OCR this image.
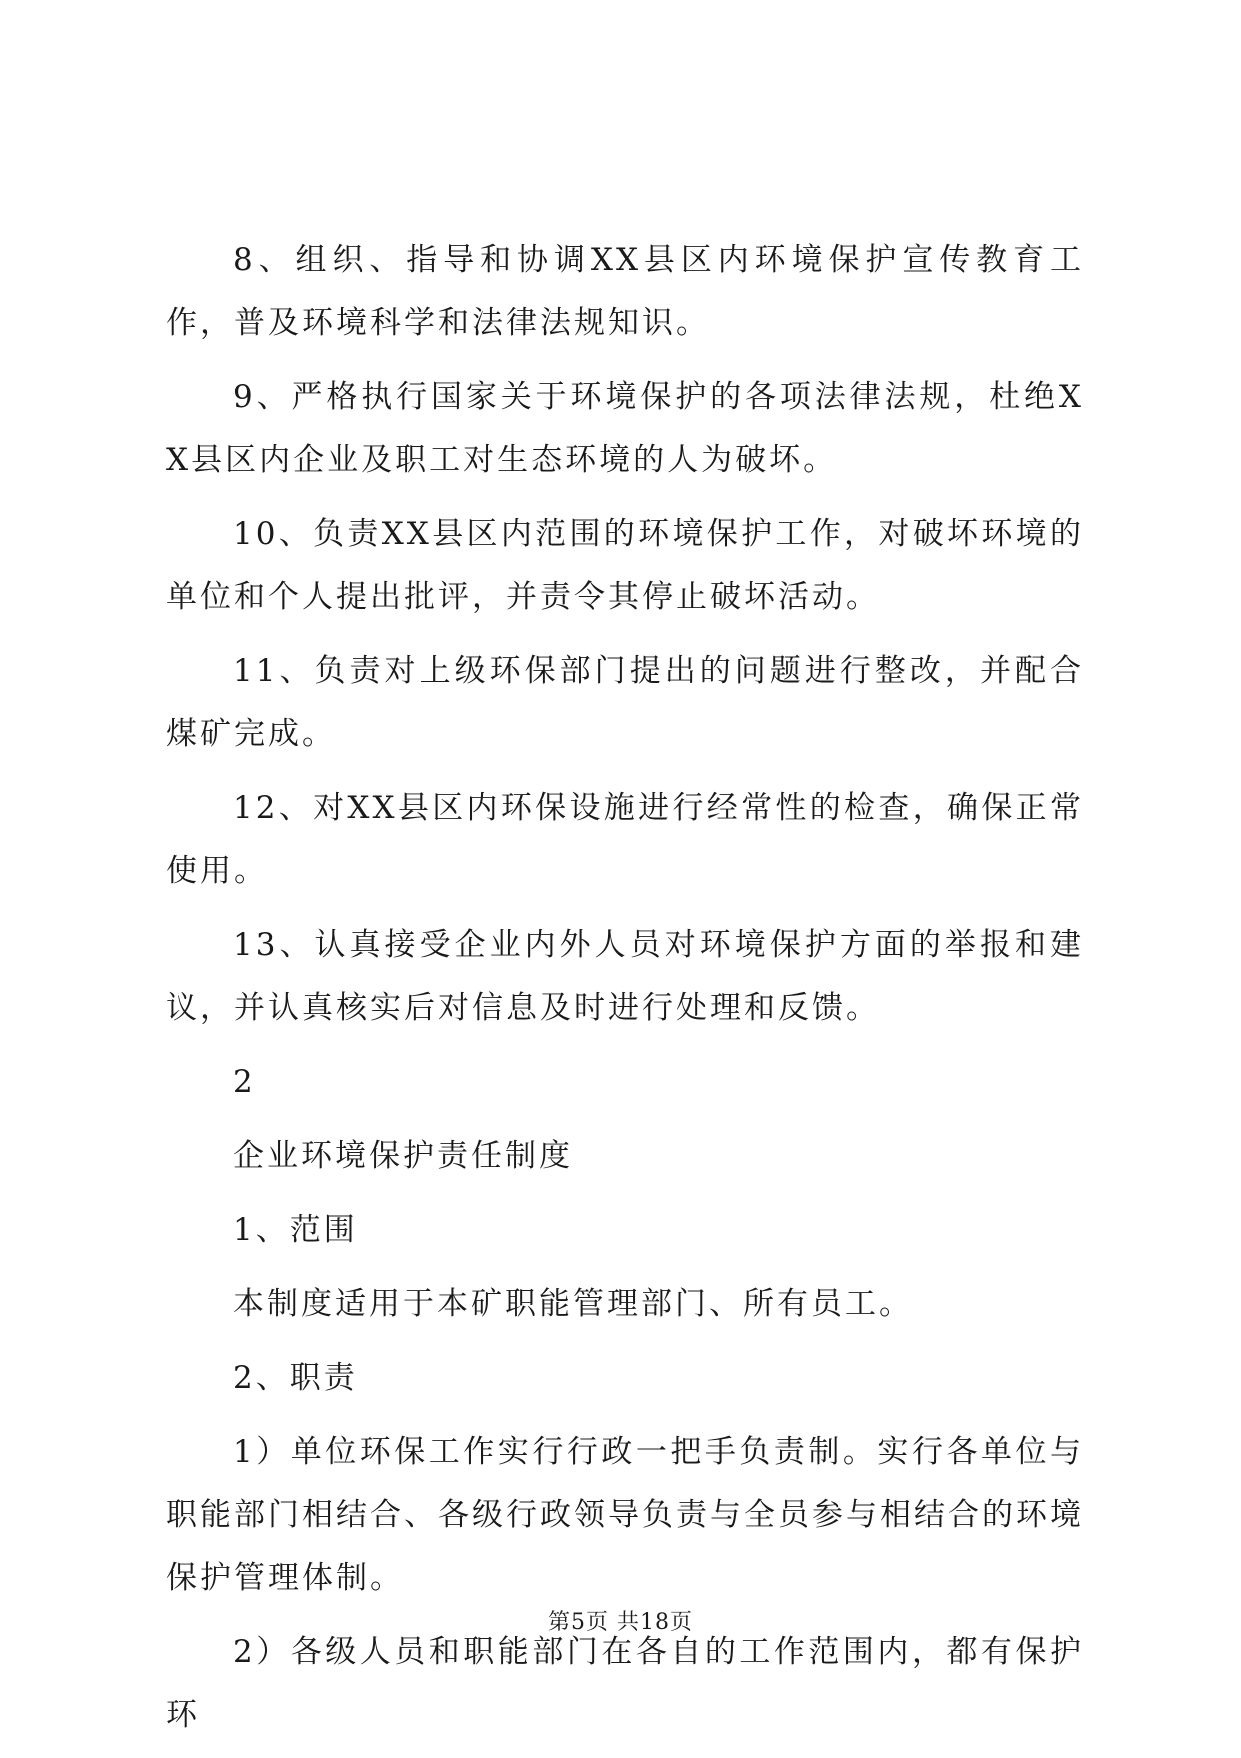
8、组织、指导和协调XX县区内环境保护宣传教育工作，普及环境科学和法律法规知识。

9、严格执行国家关于环境保护的各项法律法规，杜绝XX县区内企业及职工对生态环境的人为破坏。

10、负责XX县区内范围的环境保护工作，对破坏环境的单位和个人提出批评，并责令其停止破坏活动。

11、负责对上级环保部门提出的问题进行整改，并配合煤矿完成。

12、对XX县区内环保设施进行经常性的检查，确保正常使用。

13、认真接受企业内外人员对环境保护方面的举报和建议，并认真核实后对信息及时进行处理和反馈。

2

企业环境保护责任制度

1、范围

本制度适用于本矿职能管理部门、所有员工。

2、职责

1）单位环保工作实行行政一把手负责制。实行各单位与职能部门相结合、各级行政领导负责与全员参与相结合的环境保护管理体制。

2）各级人员和职能部门在各自的工作范围内，都有保护环

第5页 共18页
